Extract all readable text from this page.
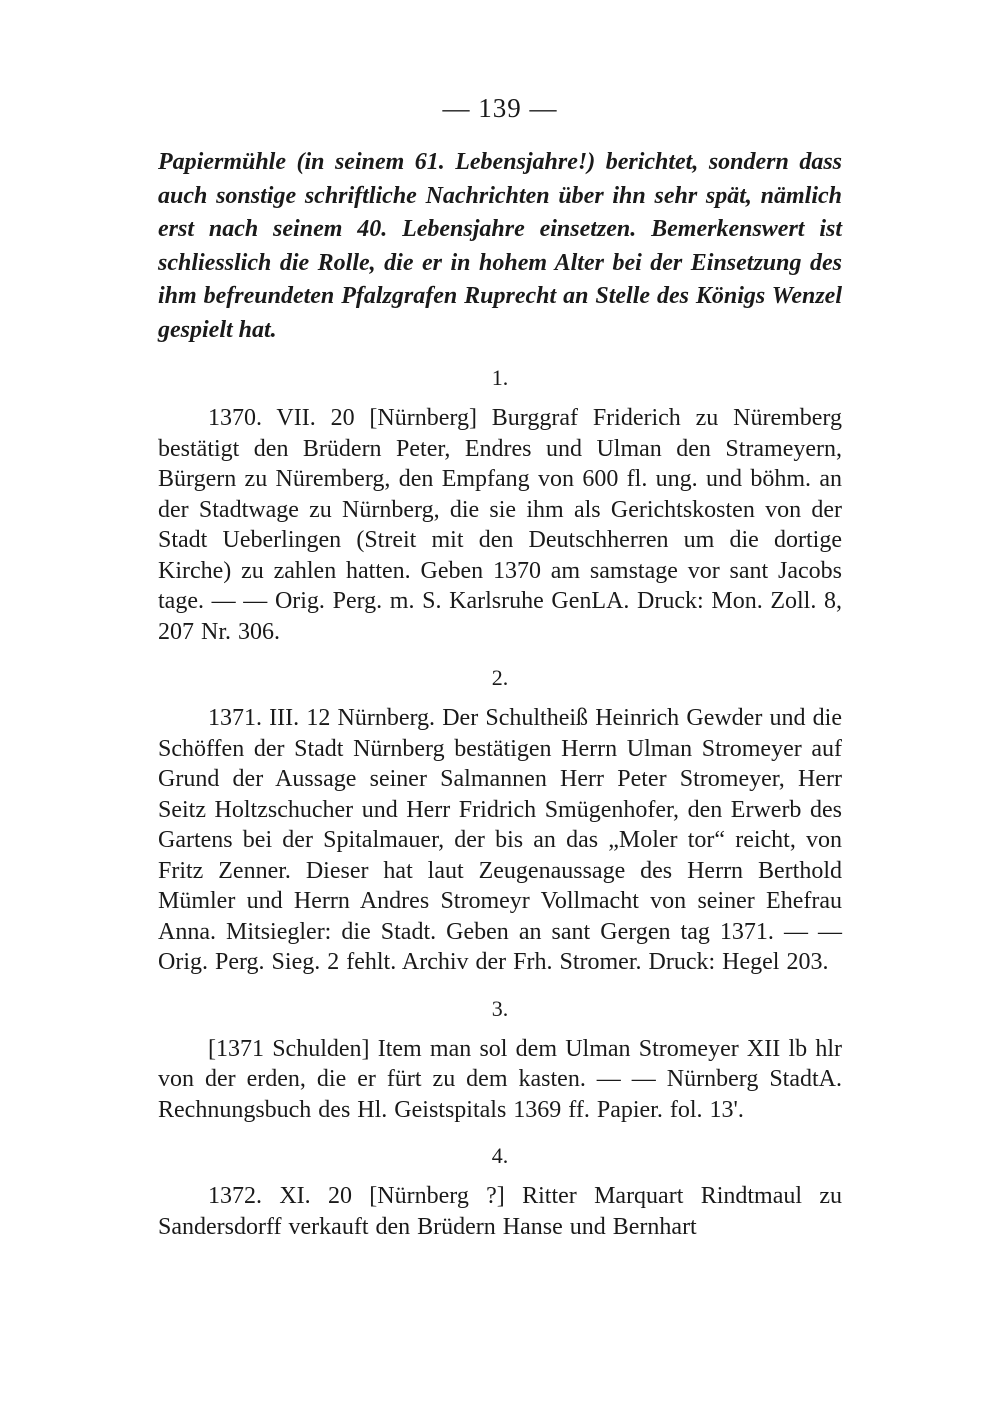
— 139 —

Papiermühle (in seinem 61. Lebensjahre!) berichtet, sondern dass auch sonstige schriftliche Nachrichten über ihn sehr spät, nämlich erst nach seinem 40. Lebensjahre einsetzen. Bemerkenswert ist schliesslich die Rolle, die er in hohem Alter bei der Einsetzung des ihm befreundeten Pfalzgrafen Ruprecht an Stelle des Königs Wenzel gespielt hat.

1.

1370. VII. 20 [Nürnberg] Burggraf Friderich zu Nüremberg bestätigt den Brüdern Peter, Endres und Ulman den Strameyern, Bürgern zu Nüremberg, den Empfang von 600 fl. ung. und böhm. an der Stadtwage zu Nürnberg, die sie ihm als Gerichtskosten von der Stadt Ueberlingen (Streit mit den Deutschherren um die dortige Kirche) zu zahlen hatten. Geben 1370 am samstage vor sant Jacobs tage. — — Orig. Perg. m. S. Karlsruhe GenLA. Druck: Mon. Zoll. 8, 207 Nr. 306.

2.

1371. III. 12 Nürnberg. Der Schultheiß Heinrich Gewder und die Schöffen der Stadt Nürnberg bestätigen Herrn Ulman Stromeyer auf Grund der Aussage seiner Salmannen Herr Peter Stromeyer, Herr Seitz Holtzschucher und Herr Fridrich Smügenhofer, den Erwerb des Gartens bei der Spitalmauer, der bis an das „Moler tor“ reicht, von Fritz Zenner. Dieser hat laut Zeugenaussage des Herrn Berthold Mümler und Herrn Andres Stromeyr Vollmacht von seiner Ehefrau Anna. Mitsiegler: die Stadt. Geben an sant Gergen tag 1371. — — Orig. Perg. Sieg. 2 fehlt. Archiv der Frh. Stromer. Druck: Hegel 203.

3.

[1371 Schulden] Item man sol dem Ulman Stromeyer XII lb hlr von der erden, die er fürt zu dem kasten. — — Nürnberg StadtA. Rechnungsbuch des Hl. Geistspitals 1369 ff. Papier. fol. 13'.

4.

1372. XI. 20 [Nürnberg ?] Ritter Marquart Rindtmaul zu Sandersdorff verkauft den Brüdern Hanse und Bernhart
